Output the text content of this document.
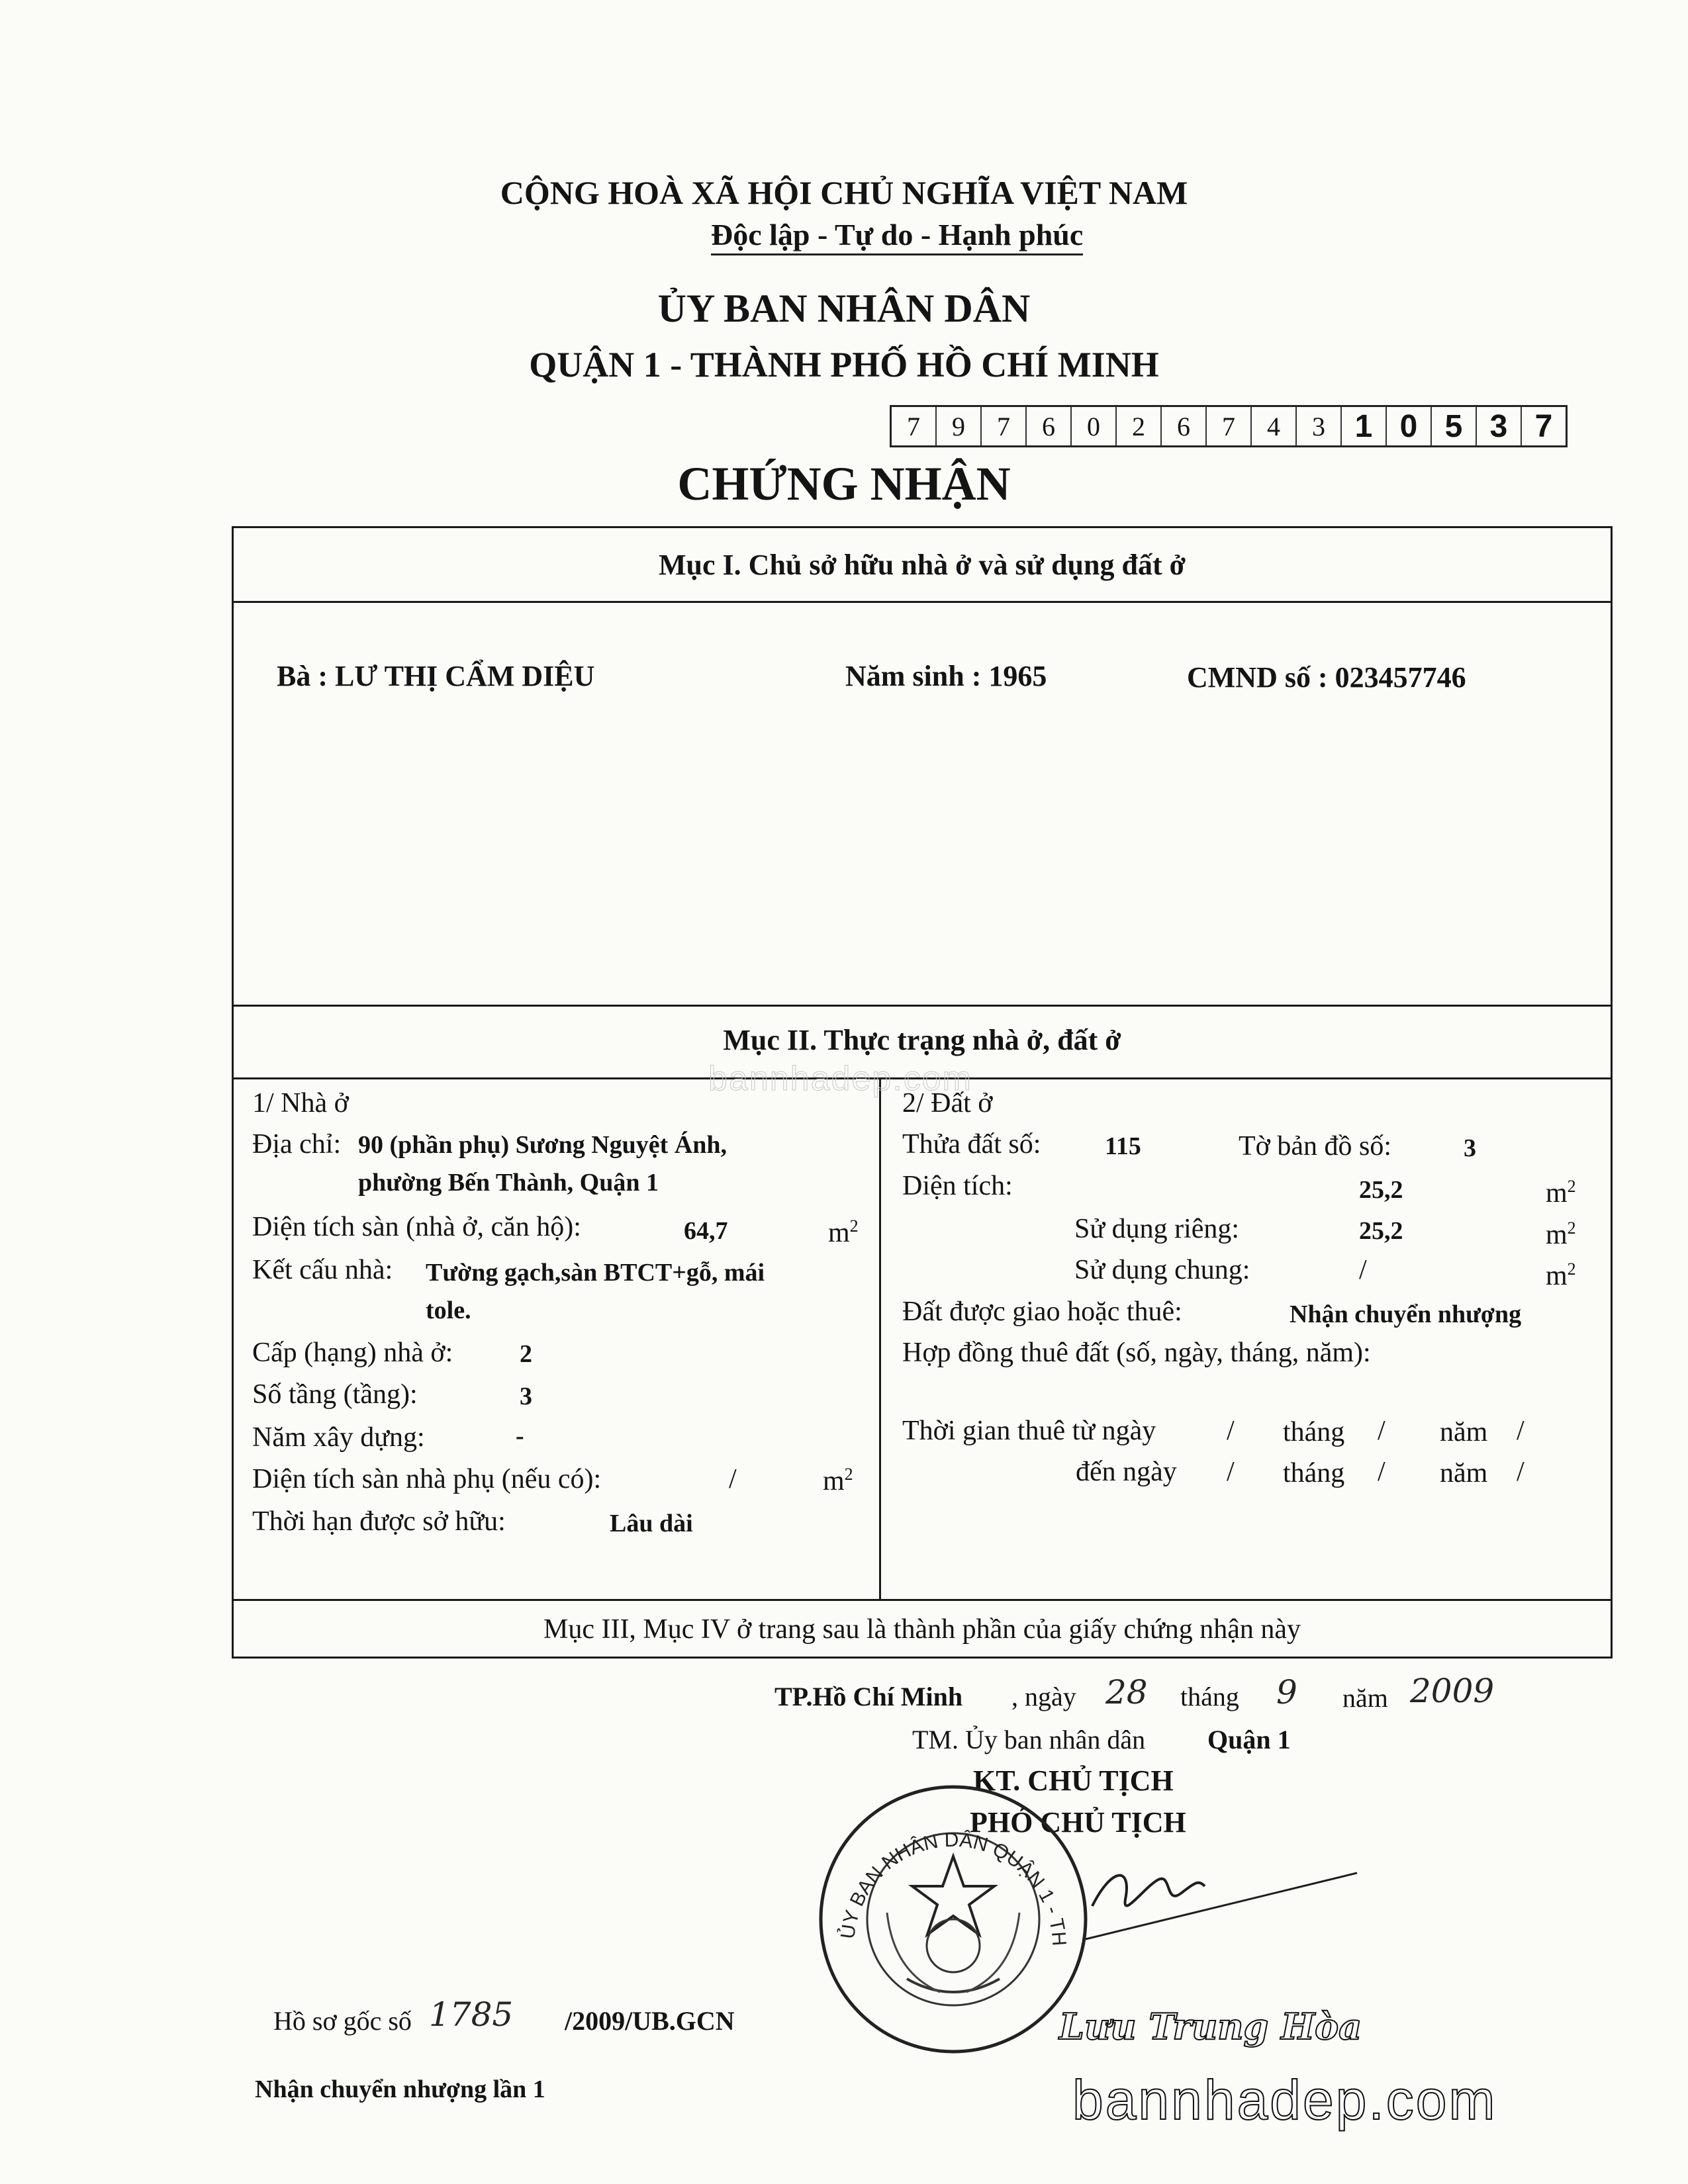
CỘNG HOÀ XÃ HỘI CHỦ NGHĨA VIỆT NAM
Độc lập - Tự do - Hạnh phúc
ỦY BAN NHÂN DÂN
QUẬN 1 - THÀNH PHỐ HỒ CHÍ MINH
7	9	7	6	0	2	6	7	4	3 1 0 5 3 7
CHỨNG NHẬN
Mục I. Chủ sở hữu nhà ở và sử dụng đất ở
Bà : LƯ THỊ CẨM DIỆU	Năm sinh : 1965	CMND số : 023457746
Mục II. Thực trạng nhà ở, đất ở
1/ Nhà ở
Địa chỉ: 90 (phần phụ) Sương Nguyệt Ánh,
phường Bến Thành, Quận 1
Diện tích sàn (nhà ở, căn hộ):	64,7	$m^2$
Kết cấu nhà: Tường gạch,sàn BTCT+gỗ, mái
tole.
Cấp (hạng) nhà ở:	2
Số tầng (tầng):	3
Năm xây dựng:	-
Diện tích sàn nhà phụ (nếu có):	/	$m^2$
Thời hạn được sở hữu:	Lâu dài
2/ Đất ở
Thửa đất số:	115	Tờ bản đồ số:	3
Diện tích:	25,2	$m^2$
Sử dụng riêng:	25,2	$m^2$
Sử dụng chung:	/	$m^2$
Đất được giao hoặc thuê:	Nhận chuyển nhượng
Hợp đồng thuê đất (số, ngày, tháng, năm):
Thời gian thuê từ ngày	/ tháng / năm /
đến ngày / tháng / năm /
Mục III, Mục IV ở trang sau là thành phần của giấy chứng nhận này
bannhadep.com
TP.Hồ Chí Minh , ngày 28 tháng 9 năm 2009
TM. Ủy ban nhân dân Quận 1
KT. CHỦ TỊCH
PHÓ CHỦ TỊCH
ỦY BAN NHÂN DÂN QUẬN 1 - TH
Lưu Trung Hòa
Hồ sơ gốc số 1785 /2009/UB.GCN
Nhận chuyển nhượng lần 1	bannhadep.com
